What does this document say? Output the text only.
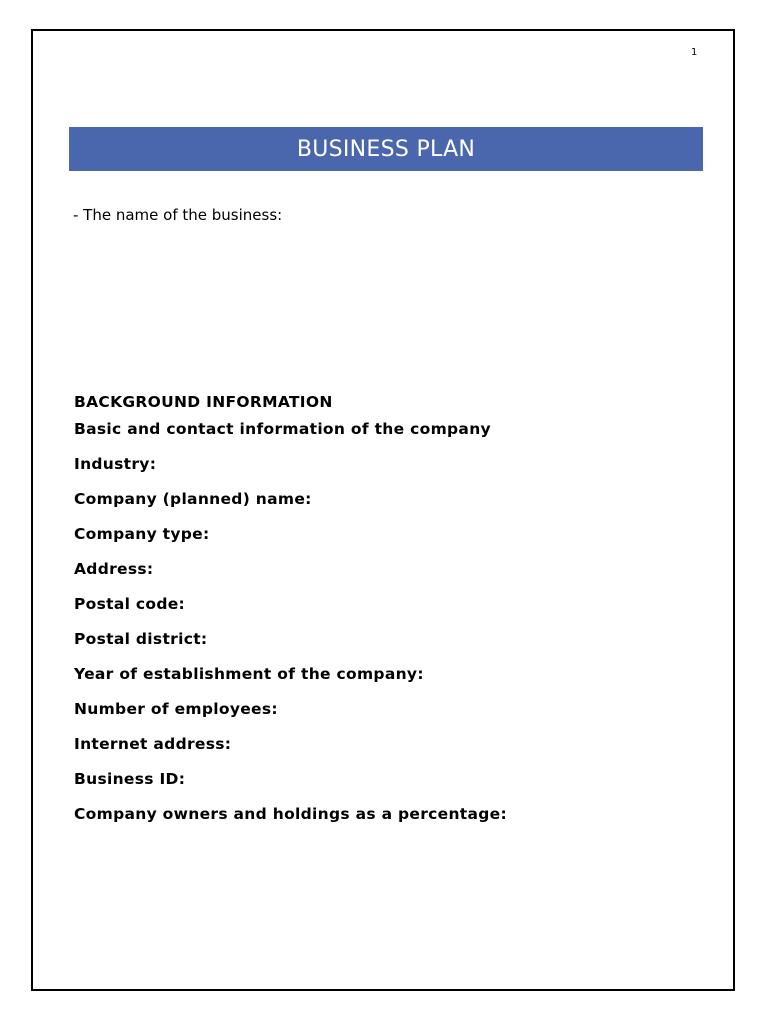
1
BUSINESS PLAN
- The name of the business:

BACKGROUND INFORMATION

Basic and contact information of the company

Industry:
Company (planned) name:
Company type:
Address:
Postal code:
Postal district:
Year of establishment of the company:
Number of employees:
Internet address:
Business ID:
Company owners and holdings as a percentage:
